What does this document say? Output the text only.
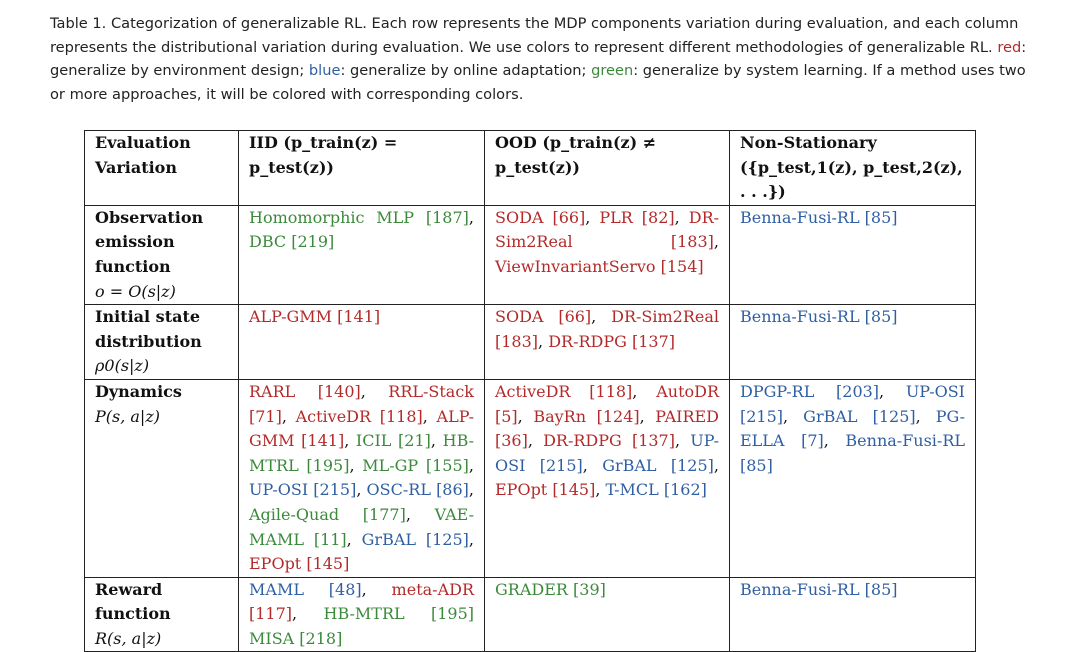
Table 1. Categorization of generalizable RL. Each row represents the MDP components variation during evaluation, and each column represents the distributional variation during evaluation. We use colors to represent different methodologies of generalizable RL. red: generalize by environment design; blue: generalize by online adaptation; green: generalize by system learning. If a method uses two or more approaches, it will be colored with corresponding colors.

Evaluation Variation	IID (p_train(z) = p_test(z))	OOD (p_train(z) ≠ p_test(z))	Non-Stationary
({p_test,1(z), p_test,2(z), . . .})

Observation emission function
o = O(s|z)	Homomorphic MLP [187], DBC [219]	SODA [66], PLR [82], DR-Sim2Real [183], ViewInvariantServo [154]	Benna-Fusi-RL [85]

Initial state distribution
ρ0(s|z)	ALP-GMM [141]	SODA [66], DR-Sim2Real [183], DR-RDPG [137]	Benna-Fusi-RL [85]

Dynamics
P(s, a|z)	RARL [140], RRL-Stack [71], ActiveDR [118], ALP-GMM [141], ICIL [21], HB-MTRL [195], ML-GP [155], UP-OSI [215], OSC-RL [86], Agile-Quad [177], VAE-MAML [11], GrBAL [125], EPOpt [145]	ActiveDR [118], AutoDR [5], BayRn [124], PAIRED [36], DR-RDPG [137], UP-OSI [215], GrBAL [125], EPOpt [145], T-MCL [162]	DPGP-RL [203], UP-OSI [215], GrBAL [125], PG-ELLA [7], Benna-Fusi-RL [85]

Reward function
R(s, a|z)	MAML [48], meta-ADR [117], HB-MTRL [195] MISA [218]	GRADER [39]	Benna-Fusi-RL [85]
